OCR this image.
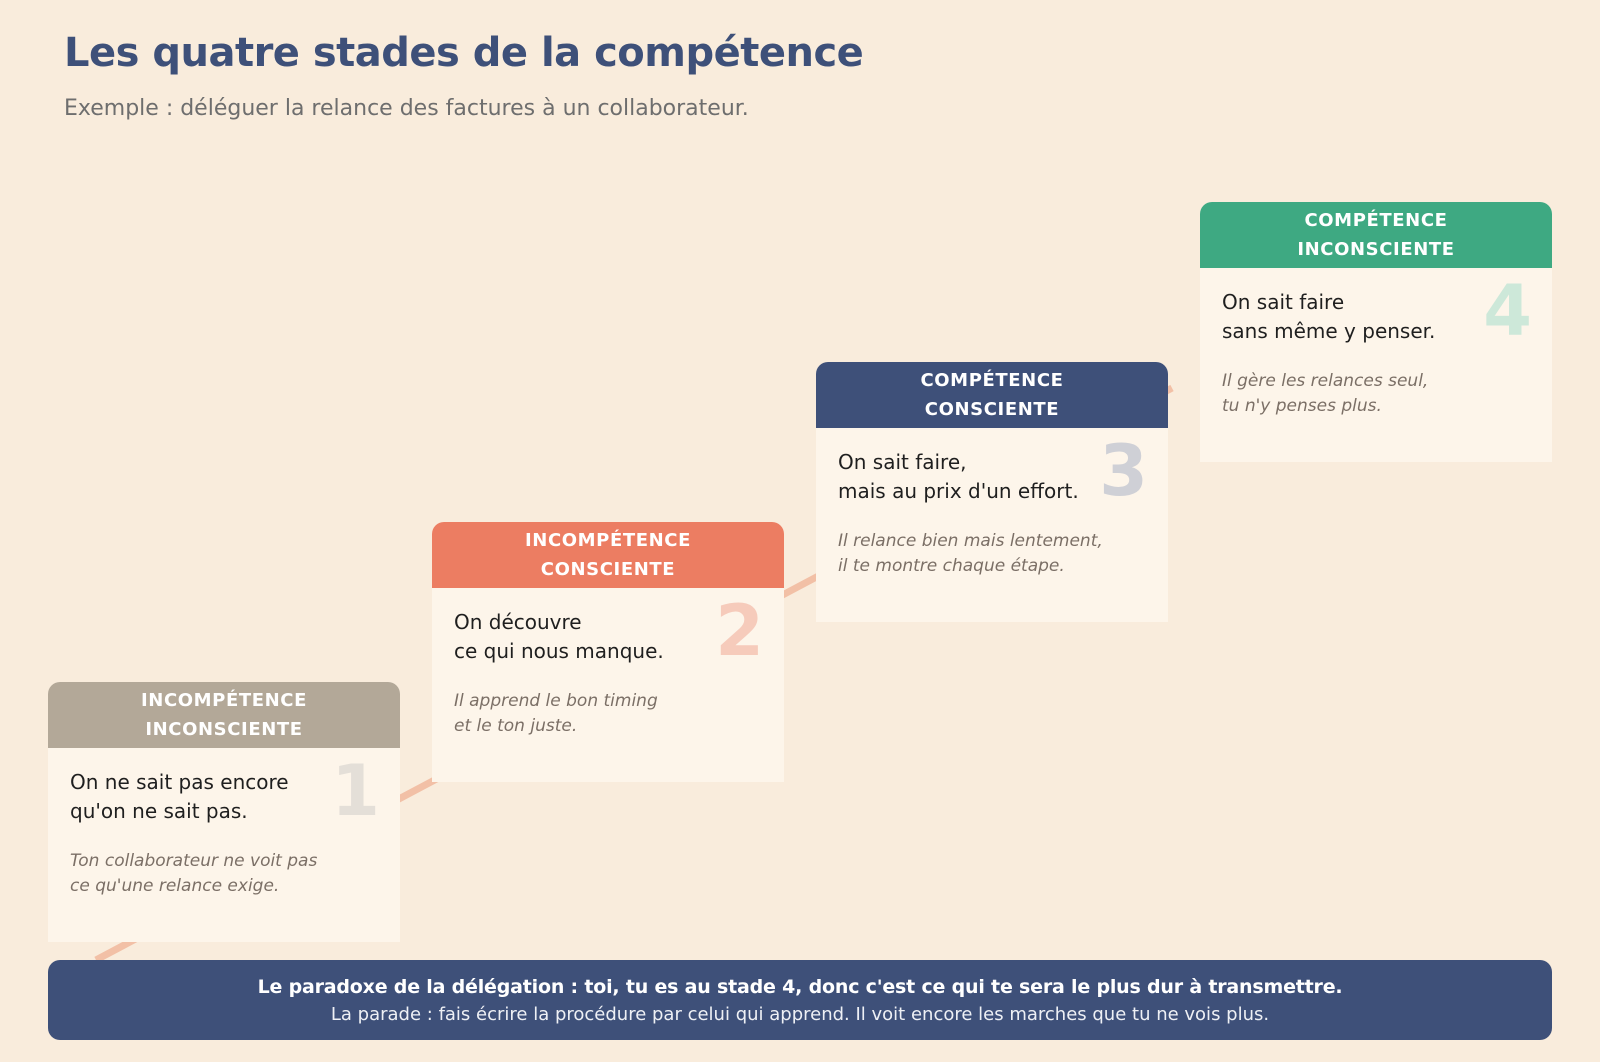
Les quatre stades de la compétence

Exemple : déléguer la relance des factures à un collaborateur.

INCOMPÉTENCE
INCONSCIENTE
On ne sait pas encore
qu'on ne sait pas.
Ton collaborateur ne voit pas
ce qu'une relance exige.
1
INCOMPÉTENCE
CONSCIENTE
On découvre
ce qui nous manque.
Il apprend le bon timing
et le ton juste.
2
COMPÉTENCE
CONSCIENTE
On sait faire,
mais au prix d'un effort.
Il relance bien mais lentement,
il te montre chaque étape.
3
COMPÉTENCE
INCONSCIENTE
On sait faire
sans même y penser.
Il gère les relances seul,
tu n'y penses plus.
4
Le paradoxe de la délégation : toi, tu es au stade 4, donc c'est ce qui te sera le plus dur à transmettre.
La parade : fais écrire la procédure par celui qui apprend. Il voit encore les marches que tu ne vois plus.
